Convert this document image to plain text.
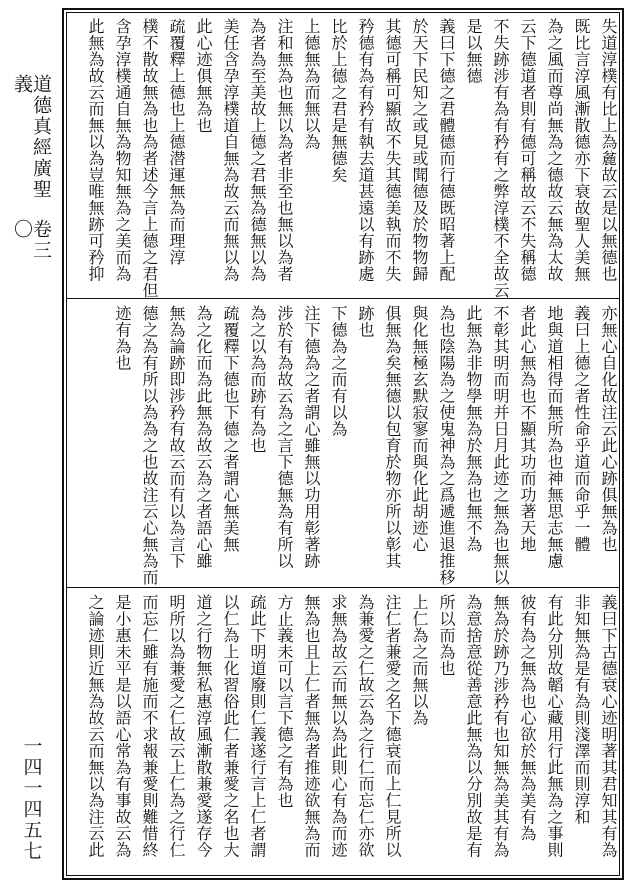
道德真經廣聖義
卷三〇
一四一四五七
失道淳樸有比上為麄故云是以無德也
既比言淳風漸散德亦下衰故聖人美無
為之風而尊尚無為之德故云無為太故
云下德道者則有德可稱故云不失稱德
不失跡涉有為有矜有之弊淳樸不全故云
是以無德
義曰下德之君體德而行德既昭著上配
於天下民知之或見或聞德及於物物歸
其德可稱可顯故不失其德美執而不失
矜德有為有矜有執去道甚遠以有跡處
比於上德之君是無德矣
上德無為而無以為
注和無為也無以為者非至也無以為者
為者為至美故上德之君無為德無以為
美任含孕淳樸道自無為故云而無以為
此心迹俱無為也
疏覆釋上德也上德潜運無為而理淳
樸不散故無為也為者述今言上德之君但
含孕淳樸通自無為物知無為之美而為
此無為故云而無以為豈唯無跡可矜抑
亦無心自化故注云此心跡俱無為也
義曰上德之者性命乎道而命乎一體
地與道相得而無所為也神無思志無慮
者此心無為也不顯其功而功著天地
不彰其明而明并日月此迹之無為也無以
此無為非物學無為於無為也無不為
為也陰陽為之使鬼神為之爲遞進退推移
與化無極玄默寂寥而與化此胡迹心
俱無為矣無德以包育於物亦所以彰其
跡也
下德為之而有以為
注下德為之者謂心雖無以功用彰著跡
涉於有為故云為之言下德無為有所以
為之以為而跡有為也
疏覆釋下德也下德之者謂心無美無
為之化而為此無為故云為之者語心雖
無為論跡即涉矜有故云而有以為言下
德之為有所以為為之也故注云心無為而
迹有為也
義曰下古德衰心迹明著其君知其有為
非知無為是有為則淺澤而則淳和
有此分別故韜心藏用行此無為之事則
彼有為之無為也心欲於無為美有為
無為於跡乃涉矜有也知無為美其有為
為意捨意從善意此無為以分別故是有
所以而為也
上仁為之而無以為
注仁者兼愛之名下德衰而上仁見所以
為兼愛之仁故云為之行仁而忘仁亦欲
求無為故云而無以為此則心有為而迹
無為也且上仁者無為者推迹欲無為而
方止義未可以言下德之有為也
疏此下明道廢則仁義遂行言上仁者謂
以仁為上化習俗此仁者兼愛之名也大
道之行物無私惠淳風漸散兼愛遂存今
明所以為兼愛之仁故云上仁為之行仁
而忘仁雖有施而不求報兼愛則難惜終
是小惠未平是以語心常為有事故云為
之論迹則近無為故云而無以為注云此
